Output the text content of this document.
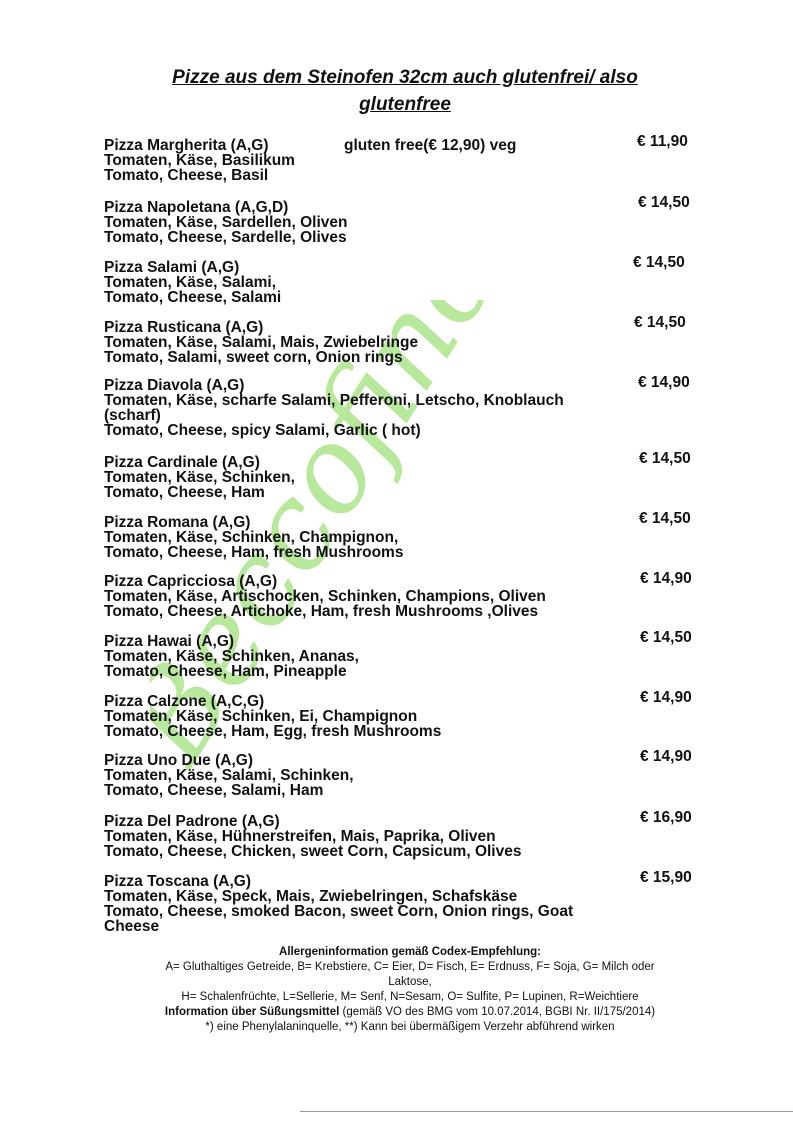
Beccofino
Pizze aus dem Steinofen 32cm auch glutenfrei/ also
glutenfree
Pizza Margherita (A,G)	gluten free(€ 12,90) veg
Tomaten, Käse, Basilikum
Tomato, Cheese, Basil
€ 11,90
Pizza Napoletana (A,G,D)
Tomaten, Käse, Sardellen, Oliven
Tomato, Cheese, Sardelle, Olives
€ 14,50
Pizza Salami (A,G)
Tomaten, Käse, Salami,
Tomato, Cheese, Salami
€ 14,50
Pizza Rusticana (A,G)
Tomaten, Käse, Salami, Mais, Zwiebelringe
Tomato, Salami, sweet corn, Onion rings
€ 14,50
Pizza Diavola (A,G)
Tomaten, Käse, scharfe Salami, Pefferoni, Letscho, Knoblauch
(scharf)
Tomato, Cheese, spicy Salami, Garlic ( hot)
€ 14,90
Pizza Cardinale (A,G)
Tomaten, Käse, Schinken,
Tomato, Cheese, Ham
€ 14,50
Pizza Romana (A,G)
Tomaten, Käse, Schinken, Champignon,
Tomato, Cheese, Ham, fresh Mushrooms
€ 14,50
Pizza Capricciosa (A,G)
Tomaten, Käse, Artischocken, Schinken, Champions, Oliven
Tomato, Cheese, Artichoke, Ham, fresh Mushrooms ,Olives
€ 14,90
Pizza Hawai (A,G)
Tomaten, Käse, Schinken, Ananas,
Tomato, Cheese, Ham, Pineapple
€ 14,50
Pizza Calzone (A,C,G)
Tomaten, Käse, Schinken, Ei, Champignon
Tomato, Cheese, Ham, Egg, fresh Mushrooms
€ 14,90
Pizza Uno Due (A,G)
Tomaten, Käse, Salami, Schinken,
Tomato, Cheese, Salami, Ham
€ 14,90
Pizza Del Padrone (A,G)
Tomaten, Käse, Hühnerstreifen, Mais, Paprika, Oliven
Tomato, Cheese, Chicken, sweet Corn, Capsicum, Olives
€ 16,90
Pizza Toscana (A,G)
Tomaten, Käse, Speck, Mais, Zwiebelringen, Schafskäse
Tomato, Cheese, smoked Bacon, sweet Corn, Onion rings, Goat
Cheese
€ 15,90
Allergeninformation gemäß Codex-Empfehlung:
A= Gluthaltiges Getreide, B= Krebstiere, C= Eier, D= Fisch, E= Erdnuss, F= Soja, G= Milch oder
Laktose,
H= Schalenfrüchte, L=Sellerie, M= Senf, N=Sesam, O= Sulfite, P= Lupinen, R=Weichtiere
Information über Süßungsmittel (gemäß VO des BMG vom 10.07.2014, BGBI Nr. II/175/2014)
*) eine Phenylalaninquelle, **) Kann bei übermäßigem Verzehr abführend wirken
